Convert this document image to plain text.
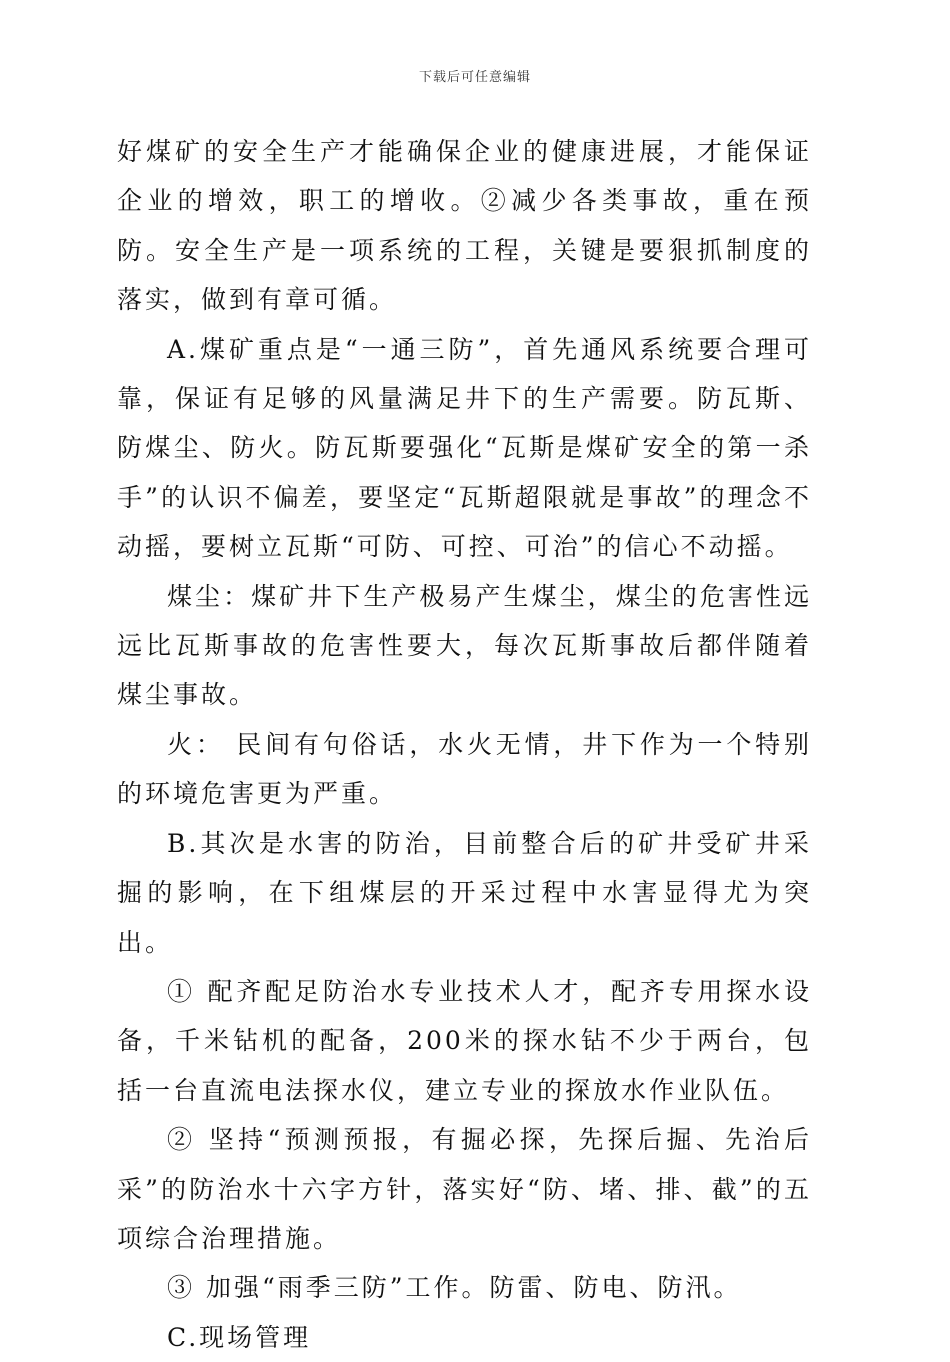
下载后可任意编辑

好煤矿的安全生产才能确保企业的健康进展，才能保证企业的增效，职工的增收。②减少各类事故，重在预防。安全生产是一项系统的工程，关键是要狠抓制度的落实，做到有章可循。

A.煤矿重点是“一通三防”，首先通风系统要合理可靠，保证有足够的风量满足井下的生产需要。防瓦斯、防煤尘、防火。防瓦斯要强化“瓦斯是煤矿安全的第一杀手”的认识不偏差，要坚定“瓦斯超限就是事故”的理念不动摇，要树立瓦斯“可防、可控、可治”的信心不动摇。

煤尘：煤矿井下生产极易产生煤尘，煤尘的危害性远远比瓦斯事故的危害性要大，每次瓦斯事故后都伴随着煤尘事故。

火： 民间有句俗话，水火无情，井下作为一个特别的环境危害更为严重。

B.其次是水害的防治，目前整合后的矿井受矿井采掘的影响，在下组煤层的开采过程中水害显得尤为突出。

① 配齐配足防治水专业技术人才，配齐专用探水设备，千米钻机的配备，200米的探水钻不少于两台，包括一台直流电法探水仪，建立专业的探放水作业队伍。

② 坚持“预测预报，有掘必探，先探后掘、先治后采”的防治水十六字方针，落实好“防、堵、排、截”的五项综合治理措施。

③ 加强“雨季三防”工作。防雷、防电、防汛。

C.现场管理
